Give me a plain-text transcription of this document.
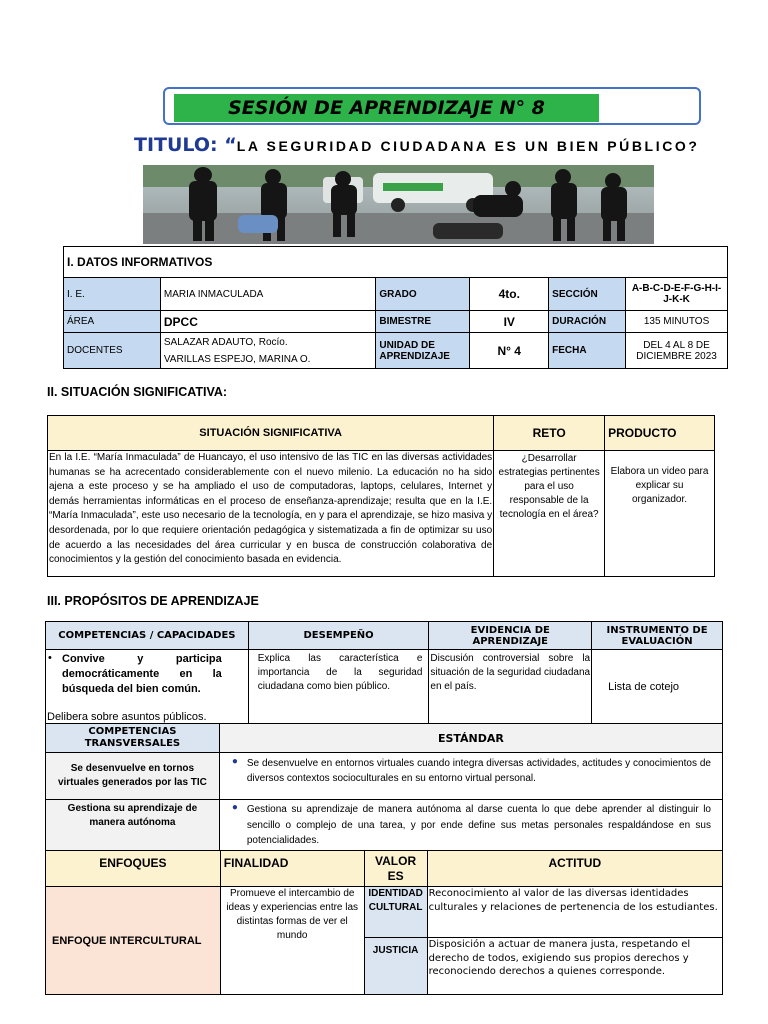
SESIÓN DE APRENDIZAJE N° 8
TITULO: “LA SEGURIDAD CIUDADANA ES UN BIEN PÚBLICO?
I. DATOS INFORMATIVOS					
I. E.	MARIA INMACULADA	GRADO	4to.	SECCIÓN	A-B-C-D-E-F-G-H-I-J-K-K
ÁREA	DPCC	BIMESTRE	IV	DURACIÓN	135 MINUTOS
DOCENTES	SALAZAR ADAUTO, Rocío.
VARILLAS ESPEJO, MARINA O.	UNIDAD DE APRENDIZAJE	N° 4	FECHA	DEL 4 AL 8 DE DICIEMBRE 2023
II. SITUACIÓN SIGNIFICATIVA:
SITUACIÓN SIGNIFICATIVA	RETO	PRODUCTO
En la I.E. “María Inmaculada” de Huancayo, el uso intensivo de las TIC en las diversas actividades humanas se ha acrecentado considerablemente con el nuevo milenio. La educación no ha sido ajena a este proceso y se ha ampliado el uso de computadoras, laptops, celulares, Internet y demás herramientas informáticas en el proceso de enseñanza-aprendizaje; resulta que en la I.E. “María Inmaculada”, este uso necesario de la tecnología, en y para el aprendizaje, se hizo masiva y desordenada, por lo que requiere orientación pedagógica y sistematizada a fin de optimizar su uso de acuerdo a las necesidades del área curricular y en busca de construcción colaborativa de conocimientos y la gestión del conocimiento basada en evidencia.	¿Desarrollar estrategias pertinentes para el uso responsable de la tecnología en el área?	Elabora un video para explicar su organizador.
III. PROPÓSITOS DE APRENDIZAJE
COMPETENCIAS / CAPACIDADES		DESEMPEÑO	EVIDENCIA DE APRENDIZAJE	INSTRUMENTO DE EVALUACIÓN

• Convive y participa democráticamente en la búsqueda del bien común.
Delibera sobre asuntos públicos.		Explica las característica e importancia de la seguridad ciudadana como bien público.	Discusión controversial sobre la situación de la seguridad ciudadana en el país.	Lista de cotejo
COMPETENCIAS TRANSVERSALES	ESTÁNDAR			
Se desenvuelve en tornos virtuales generados por las TIC	● Se desenvuelve en entornos virtuales cuando integra diversas actividades, actitudes y conocimientos de diversos contextos socioculturales en su entorno virtual personal.			

Gestiona su aprendizaje de manera autónoma	● Gestiona su aprendizaje de manera autónoma al darse cuenta lo que debe aprender al distinguir lo sencillo o complejo de una tarea, y por ende define sus metas personales respaldándose en sus potencialidades.			
ENFOQUES	FINALIDAD	VALOR ES	ACTITUD
ENFOQUE INTERCULTURAL	Promueve el intercambio de ideas y experiencias entre las distintas formas de ver el mundo	IDENTIDAD CULTURAL	Reconocimiento al valor de las diversas identidades culturales y relaciones de pertenencia de los estudiantes.
		JUSTICIA	Disposición a actuar de manera justa, respetando el derecho de todos, exigiendo sus propios derechos y reconociendo derechos a quienes corresponde.
